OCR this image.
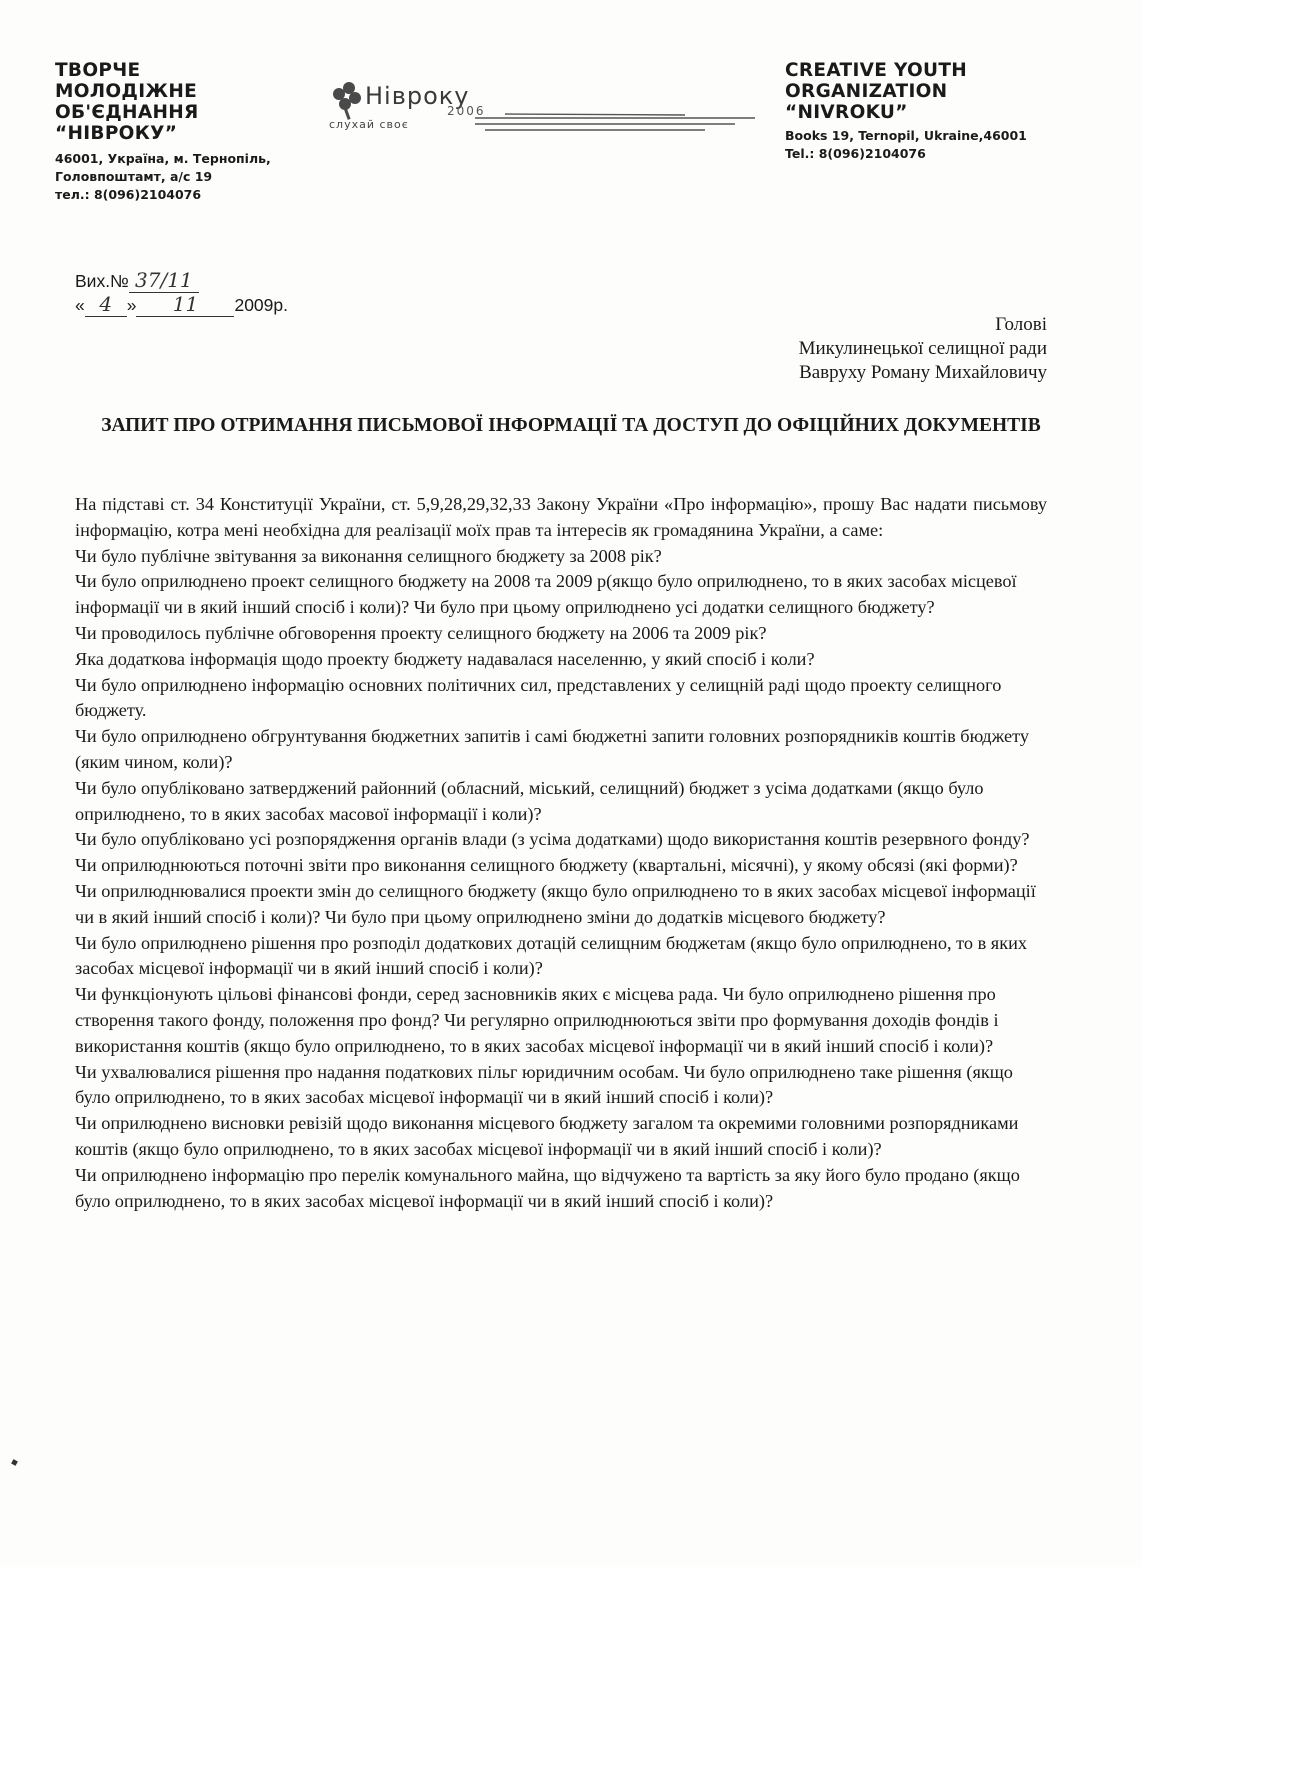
ТВОРЧЕ
МОЛОДІЖНЕ
ОБ'ЄДНАННЯ
“НІВРОКУ”
46001, Україна, м. Тернопіль,
Головпоштамт, а/с 19
тел.: 8(096)2104076
Нівроку
2006
слухай своє
CREATIVE YOUTH
ORGANIZATION
“NIVROKU”
Books 19, Ternopil, Ukraine,46001
Tel.: 8(096)2104076
Вих.№ 37/11
« 4 » 11 2009р.
Голові
Микулинецької селищної ради
Вавруху Роману Михайловичу
ЗАПИТ ПРО ОТРИМАННЯ ПИСЬМОВОЇ ІНФОРМАЦІЇ ТА ДОСТУП ДО ОФІЦІЙНИХ ДОКУМЕНТІВ

На підставі ст. 34 Конституції України, ст. 5,9,28,29,32,33 Закону України «Про інформацію», прошу Вас надати письмову інформацію, котра мені необхідна для реалізації моїх прав та інтересів як громадянина України, а саме:

Чи було публічне звітування за виконання селищного бюджету за 2008 рік?

Чи було оприлюднено проект селищного бюджету на 2008 та 2009 р(якщо було оприлюднено, то в яких засобах місцевої інформації чи в який інший спосіб і коли)? Чи було при цьому оприлюднено усі додатки селищного бюджету?

Чи проводилось публічне обговорення проекту селищного бюджету на 2006 та 2009 рік?

Яка додаткова інформація щодо проекту бюджету надавалася населенню, у який спосіб і коли?

Чи було оприлюднено інформацію основних політичних сил, представлених у селищній раді щодо проекту селищного бюджету.

Чи було оприлюднено обгрунтування бюджетних запитів і самі бюджетні запити головних розпорядників коштів бюджету (яким чином, коли)?

Чи було опубліковано затверджений районний (обласний, міський, селищний) бюджет з усіма додатками (якщо було оприлюднено, то в яких засобах масової інформації і коли)?

Чи було опубліковано усі розпорядження органів влади (з усіма додатками) щодо використання коштів резервного фонду?

Чи оприлюднюються поточні звіти про виконання селищного бюджету (квартальні, місячні), у якому обсязі (які форми)?

Чи оприлюднювалися проекти змін до селищного бюджету (якщо було оприлюднено то в яких засобах місцевої інформації чи в який інший спосіб і коли)? Чи було при цьому оприлюднено зміни до додатків місцевого бюджету?

Чи було оприлюднено рішення про розподіл додаткових дотацій селищним бюджетам (якщо було оприлюднено, то в яких засобах місцевої інформації чи в який інший спосіб і коли)?

Чи функціонують цільові фінансові фонди, серед засновників яких є місцева рада. Чи було оприлюднено рішення про створення такого фонду, положення про фонд? Чи регулярно оприлюднюються звіти про формування доходів фондів і використання коштів (якщо було оприлюднено, то в яких засобах місцевої інформації чи в який інший спосіб і коли)?

Чи ухвалювалися рішення про надання податкових пільг юридичним особам. Чи було оприлюднено таке рішення (якщо було оприлюднено, то в яких засобах місцевої інформації чи в який інший спосіб і коли)?

Чи оприлюднено висновки ревізій щодо виконання місцевого бюджету загалом та окремими головними розпорядниками коштів (якщо було оприлюднено, то в яких засобах місцевої інформації чи в який інший спосіб і коли)?

Чи оприлюднено інформацію про перелік комунального майна, що відчужено та вартість за яку його було продано (якщо було оприлюднено, то в яких засобах місцевої інформації чи в який інший спосіб і коли)?
